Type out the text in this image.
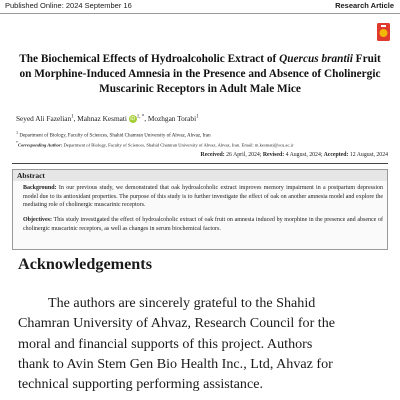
Published Online: 2024 September 16	Research Article
The Biochemical Effects of Hydroalcoholic Extract of Quercus brantii Fruit on Morphine-Induced Amnesia in the Presence and Absence of Cholinergic Muscarinic Receptors in Adult Male Mice
Seyed Ali Fazelian$^1$, Mahnaz Kesmati iD $^{1, *}$, Mozhgan Torabi$^1$
$^1$ Department of Biology, Faculty of Sciences, Shahid Chamran University of Ahvaz, Ahvaz, Iran
*Corresponding Author: Department of Biology, Faculty of Sciences, Shahid Chamran University of Ahvaz, Ahvaz, Iran. Email: m.kesmati@scu.ac.ir
Received: 26 April, 2024; Revised: 4 August, 2024; Accepted: 12 August, 2024
Abstract
Background: In our previous study, we demonstrated that oak hydroalcoholic extract improves memory impairment in a postpartum depression model due to its antioxidant properties. The purpose of this study is to further investigate the effect of oak on another amnesia model and explore the mediating role of cholinergic muscarinic receptors.
Objectives: This study investigated the effect of hydroalcoholic extract of oak fruit on amnesia induced by morphine in the presence and absence of cholinergic muscarinic receptors, as well as changes in serum biochemical factors.
Acknowledgements
The authors are sincerely grateful to the Shahid
Chamran University of Ahvaz, Research Council for the
moral and financial supports of this project. Authors
thank to Avin Stem Gen Bio Health Inc., Ltd, Ahvaz for
technical supporting performing assistance.
